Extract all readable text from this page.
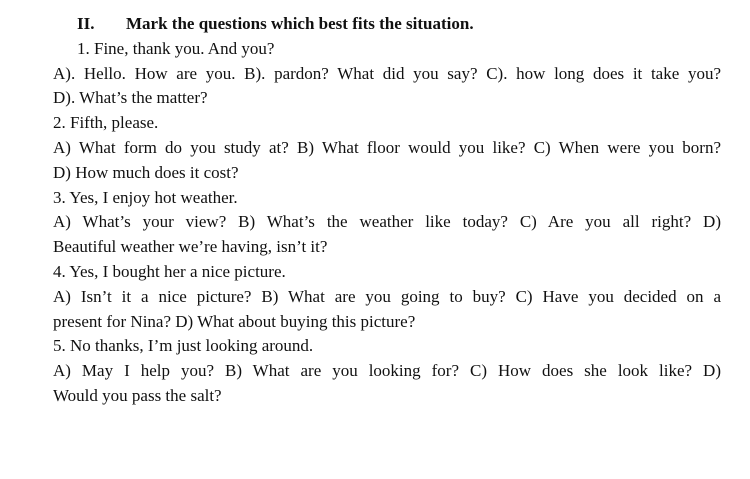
II. Mark the questions which best fits the situation.
1. Fine, thank you. And you?
A). Hello. How are you. B). pardon? What did you say? C). how long does it take you?
D). What’s the matter?
2. Fifth, please.
A) What form do you study at? B) What floor would you like? C) When were you born?
D) How much does it cost?
3. Yes, I enjoy hot weather.
A) What’s your view? B) What’s the weather like today? C) Are you all right? D)
Beautiful weather we’re having, isn’t it?
4. Yes, I bought her a nice picture.
A) Isn’t it a nice picture? B) What are you going to buy? C) Have you decided on a
present for Nina? D) What about buying this picture?
5. No thanks, I’m just looking around.
A) May I help you? B) What are you looking for? C) How does she look like? D)
Would you pass the salt?
